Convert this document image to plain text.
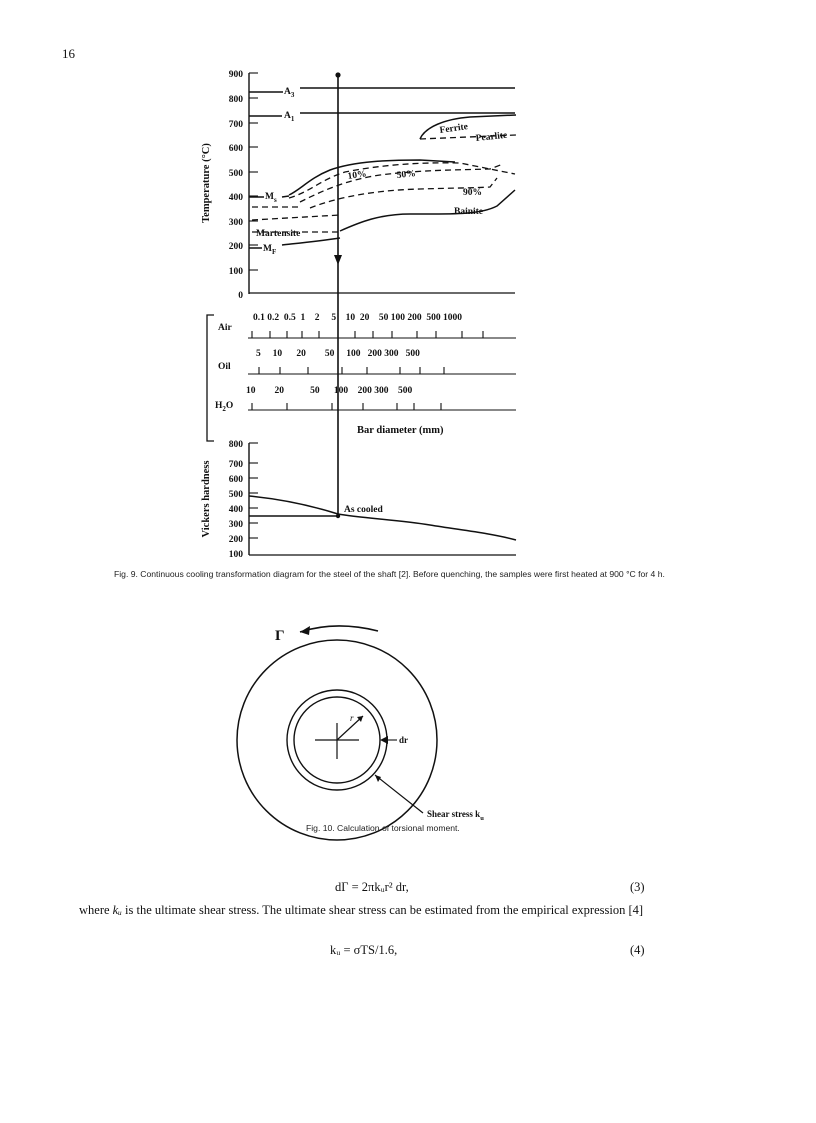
16
900
800
700
600
500
400
300
200
100
0
Temperature (°C)
$A_3$
$A_1$
Ferrite
Pearlite
10%	50%
90%
Bainite
$M_s$
Martensite
$M_F$
0.1 0.2  0.5  1    2     5    10  20    50 100 200  500 1000
Air
5     10      20        50     100   200 300   500
Oil
10        20           50      100    200 300    500
$H_2O$
Bar diameter (mm)
800
700
600
500
400
300
200
100
Vickers hardness	As cooled
Fig. 9. Continuous cooling transformation diagram for the steel of the shaft [2]. Before quenching, the samples were first heated at 900 °C for 4 h.
Γ
r
dr
Shear stress $k_u$
Fig. 10. Calculation of torsional moment.
dΓ = 2πkᵤr² dr,	(3)
where kᵤ is the ultimate shear stress. The ultimate shear stress can be estimated from the empirical expression [4]
kᵤ = σTS/1.6,	(4)
